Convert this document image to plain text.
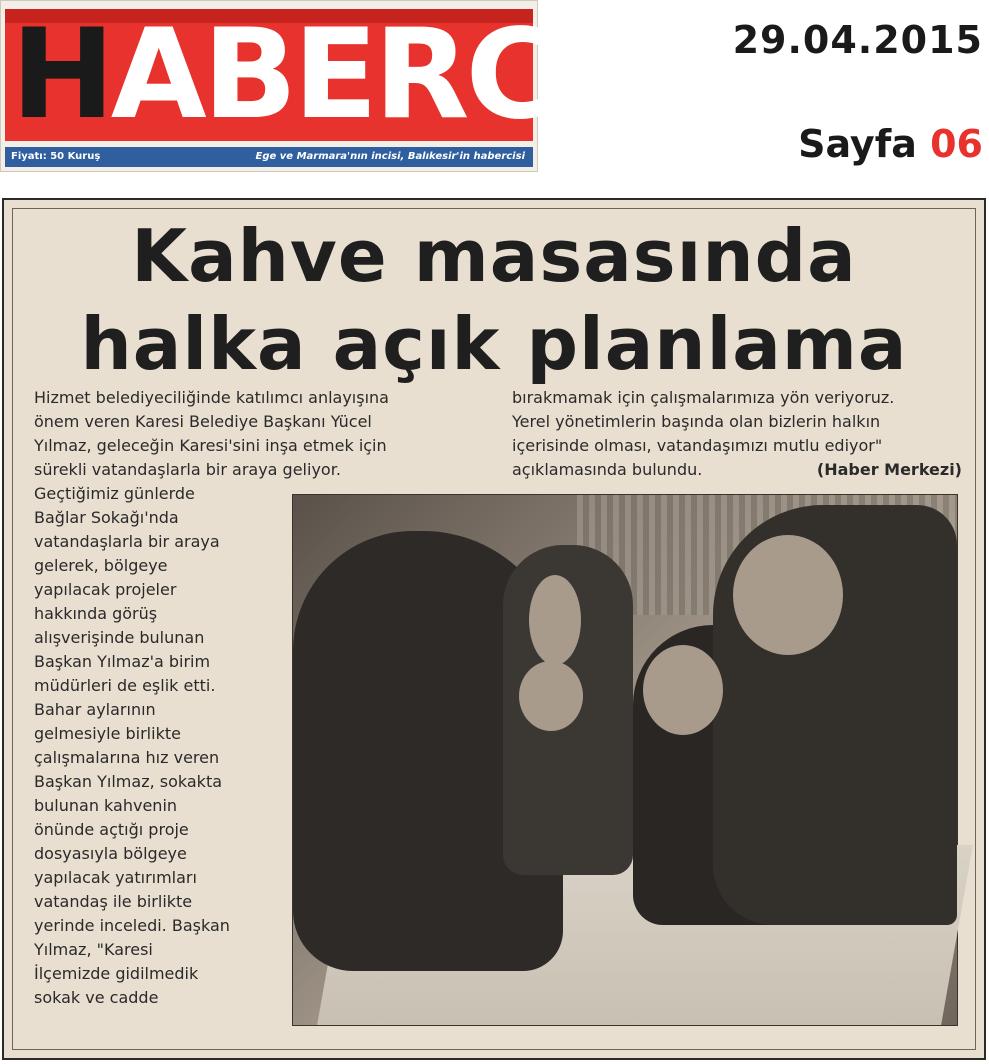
HABERCI
Fiyatı: 50 Kuruş	Ege ve Marmara'nın incisi, Balıkesir'in habercisi
29.04.2015
Sayfa 06
Kahve masasında
halka açık planlama
Hizmet belediyeciliğinde katılımcı anlayışına
önem veren Karesi Belediye Başkanı Yücel
Yılmaz, geleceğin Karesi'sini inşa etmek için
sürekli vatandaşlarla bir araya geliyor.
Geçtiğimiz günlerde
Bağlar Sokağı'nda
vatandaşlarla bir araya
gelerek, bölgeye
yapılacak projeler
hakkında görüş
alışverişinde bulunan
Başkan Yılmaz'a birim
müdürleri de eşlik etti.
Bahar aylarının
gelmesiyle birlikte
çalışmalarına hız veren
Başkan Yılmaz, sokakta
bulunan kahvenin
önünde açtığı proje
dosyasıyla bölgeye
yapılacak yatırımları
vatandaş ile birlikte
yerinde inceledi. Başkan
Yılmaz, "Karesi
İlçemizde gidilmedik
sokak ve cadde
bırakmamak için çalışmalarımıza yön veriyoruz.
Yerel yönetimlerin başında olan bizlerin halkın
içerisinde olması, vatandaşımızı mutlu ediyor"
açıklamasında bulundu.	(Haber Merkezi)
